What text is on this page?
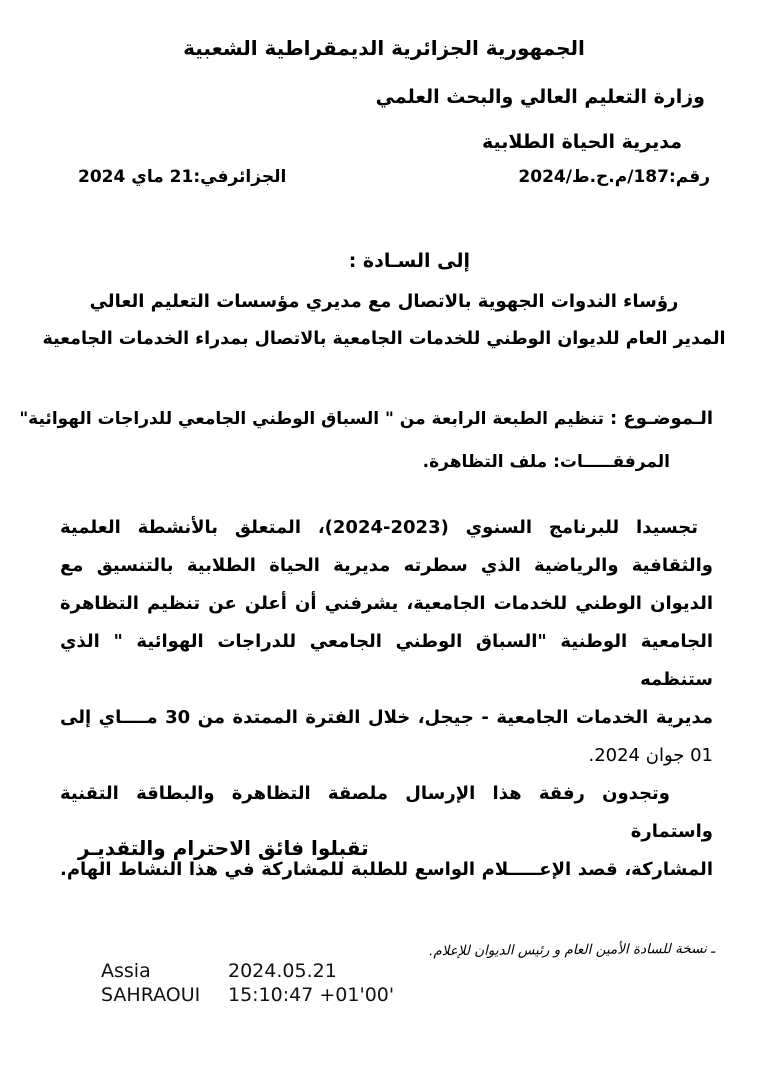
الجمهورية الجزائرية الديمقراطية الشعبية
وزارة التعليم العالي والبحث العلمي
مديرية الحياة الطلابية
رقم:187/م.ح.ط/2024
الجزائرفي:21 ماي 2024
إلى السـادة :
رؤساء الندوات الجهوية بالاتصال مع مديري مؤسسات التعليم العالي
المدير العام للديوان الوطني للخدمات الجامعية بالاتصال بمدراء الخدمات الجامعية
الـموضـوع : تنظيم الطبعة الرابعة من " السباق الوطني الجامعي للدراجات الهوائية"
المرفقـــــات: ملف التظاهرة.
تجسيدا للبرنامج السنوي (2023-2024)، المتعلق بالأنشطة العلمية
والثقافية والرياضية الذي سطرته مديرية الحياة الطلابية بالتنسيق مع
الديوان الوطني للخدمات الجامعية، يشرفني أن أعلن عن تنظيم التظاهرة
الجامعية الوطنية "السباق الوطني الجامعي للدراجات الهوائية " الذي ستنظمه
مديرية الخدمات الجامعية - جيجل، خلال الفترة الممتدة من 30 مــــاي إلى
01 جوان 2024.
وتجدون رفقة هذا الإرسال ملصقة التظاهرة والبطاقة التقنية واستمارة
المشاركة، قصد الإعـــــلام الواسع للطلبة للمشاركة في هذا النشاط الهام.
تقبلوا فائق الاحترام والتقديـر
ـ نسخة للسادة الأمين العام و رئيس الديوان للإعلام.
Assia
SAHRAOUI
2024.05.21
15:10:47 +01'00'
